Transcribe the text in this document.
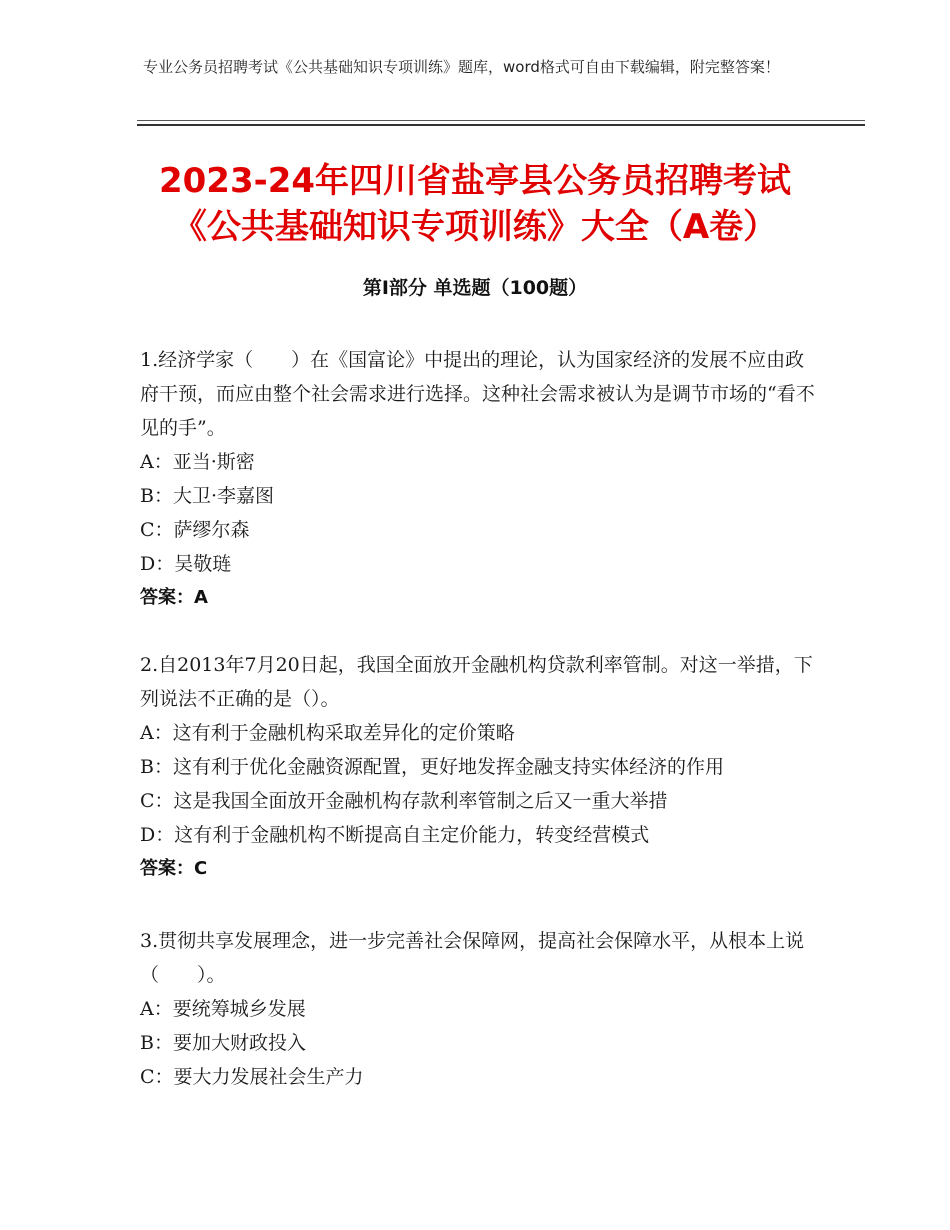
专业公务员招聘考试《公共基础知识专项训练》题库，word格式可自由下载编辑，附完整答案！
2023-24年四川省盐亭县公务员招聘考试
《公共基础知识专项训练》大全（A卷）
第Ⅰ部分 单选题（100题）

1.经济学家（　　）在《国富论》中提出的理论，认为国家经济的发展不应由政府干预，而应由整个社会需求进行选择。这种社会需求被认为是调节市场的“看不见的手”。

A：亚当·斯密

B：大卫·李嘉图

C：萨缪尔森

D：吴敬琏

答案：A

2.自2013年7月20日起，我国全面放开金融机构贷款利率管制。对这一举措，下列说法不正确的是（）。

A：这有利于金融机构采取差异化的定价策略

B：这有利于优化金融资源配置，更好地发挥金融支持实体经济的作用

C：这是我国全面放开金融机构存款利率管制之后又一重大举措

D：这有利于金融机构不断提高自主定价能力，转变经营模式

答案：C

3.贯彻共享发展理念，进一步完善社会保障网，提高社会保障水平，从根本上说（　　）。

A：要统筹城乡发展

B：要加大财政投入

C：要大力发展社会生产力
